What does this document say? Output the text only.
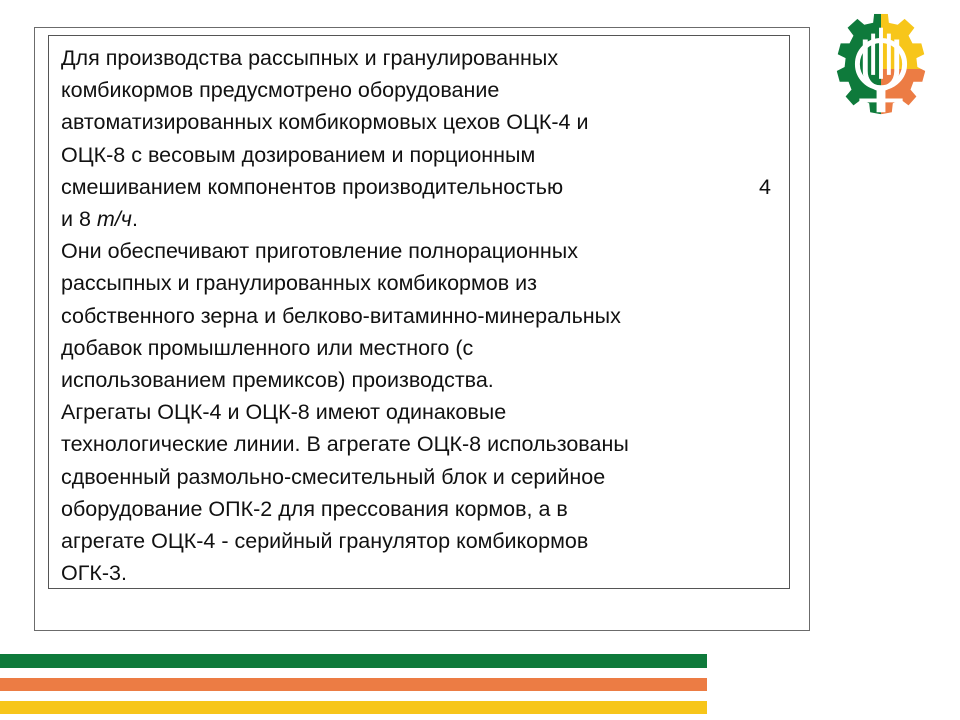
Для производства рассыпных и гранулированных
комбикормов предусмотрено оборудование
автоматизированных комбикормовых цехов ОЦК-4 и
ОЦК-8 с весовым дозированием и порционным
смешиванием компонентов производительностью	4
и 8 т/ч.
Они обеспечивают приготовление полнорационных
рассыпных и гранулированных комбикормов из
собственного зерна и белково-витаминно-минеральных
добавок промышленного или местного (с
использованием премиксов) производства.
Агрегаты ОЦК-4 и ОЦК-8 имеют одинаковые
технологические линии. В агрегате ОЦК-8 использованы
сдвоенный размольно-смесительный блок и серийное
оборудование ОПК-2 для прессования кормов, а в
агрегате ОЦК-4 - серийный гранулятор комбикормов
ОГК-3.
